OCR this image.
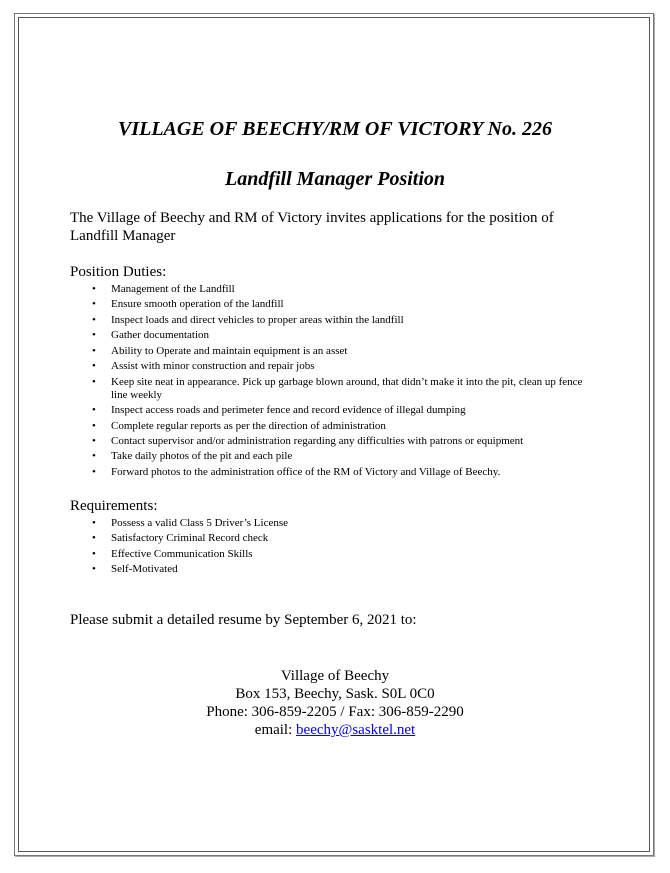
VILLAGE OF BEECHY/RM OF VICTORY No. 226
Landfill Manager Position

The Village of Beechy and RM of Victory invites applications for the position of Landfill Manager

Position Duties:

• Management of the Landfill
• Ensure smooth operation of the landfill
• Inspect loads and direct vehicles to proper areas within the landfill
• Gather documentation
• Ability to Operate and maintain equipment is an asset
• Assist with minor construction and repair jobs
• Keep site neat in appearance. Pick up garbage blown around, that didn’t make it into the pit, clean up fence line weekly
• Inspect access roads and perimeter fence and record evidence of illegal dumping
• Complete regular reports as per the direction of administration
• Contact supervisor and/or administration regarding any difficulties with patrons or equipment
• Take daily photos of the pit and each pile
• Forward photos to the administration office of the RM of Victory and Village of Beechy.

Requirements:

• Possess a valid Class 5 Driver’s License
• Satisfactory Criminal Record check
• Effective Communication Skills
• Self-Motivated

Please submit a detailed resume by September 6, 2021 to:

Village of Beechy
Box 153, Beechy, Sask. S0L 0C0
Phone: 306-859-2205 / Fax: 306-859-2290
email: beechy@sasktel.net
